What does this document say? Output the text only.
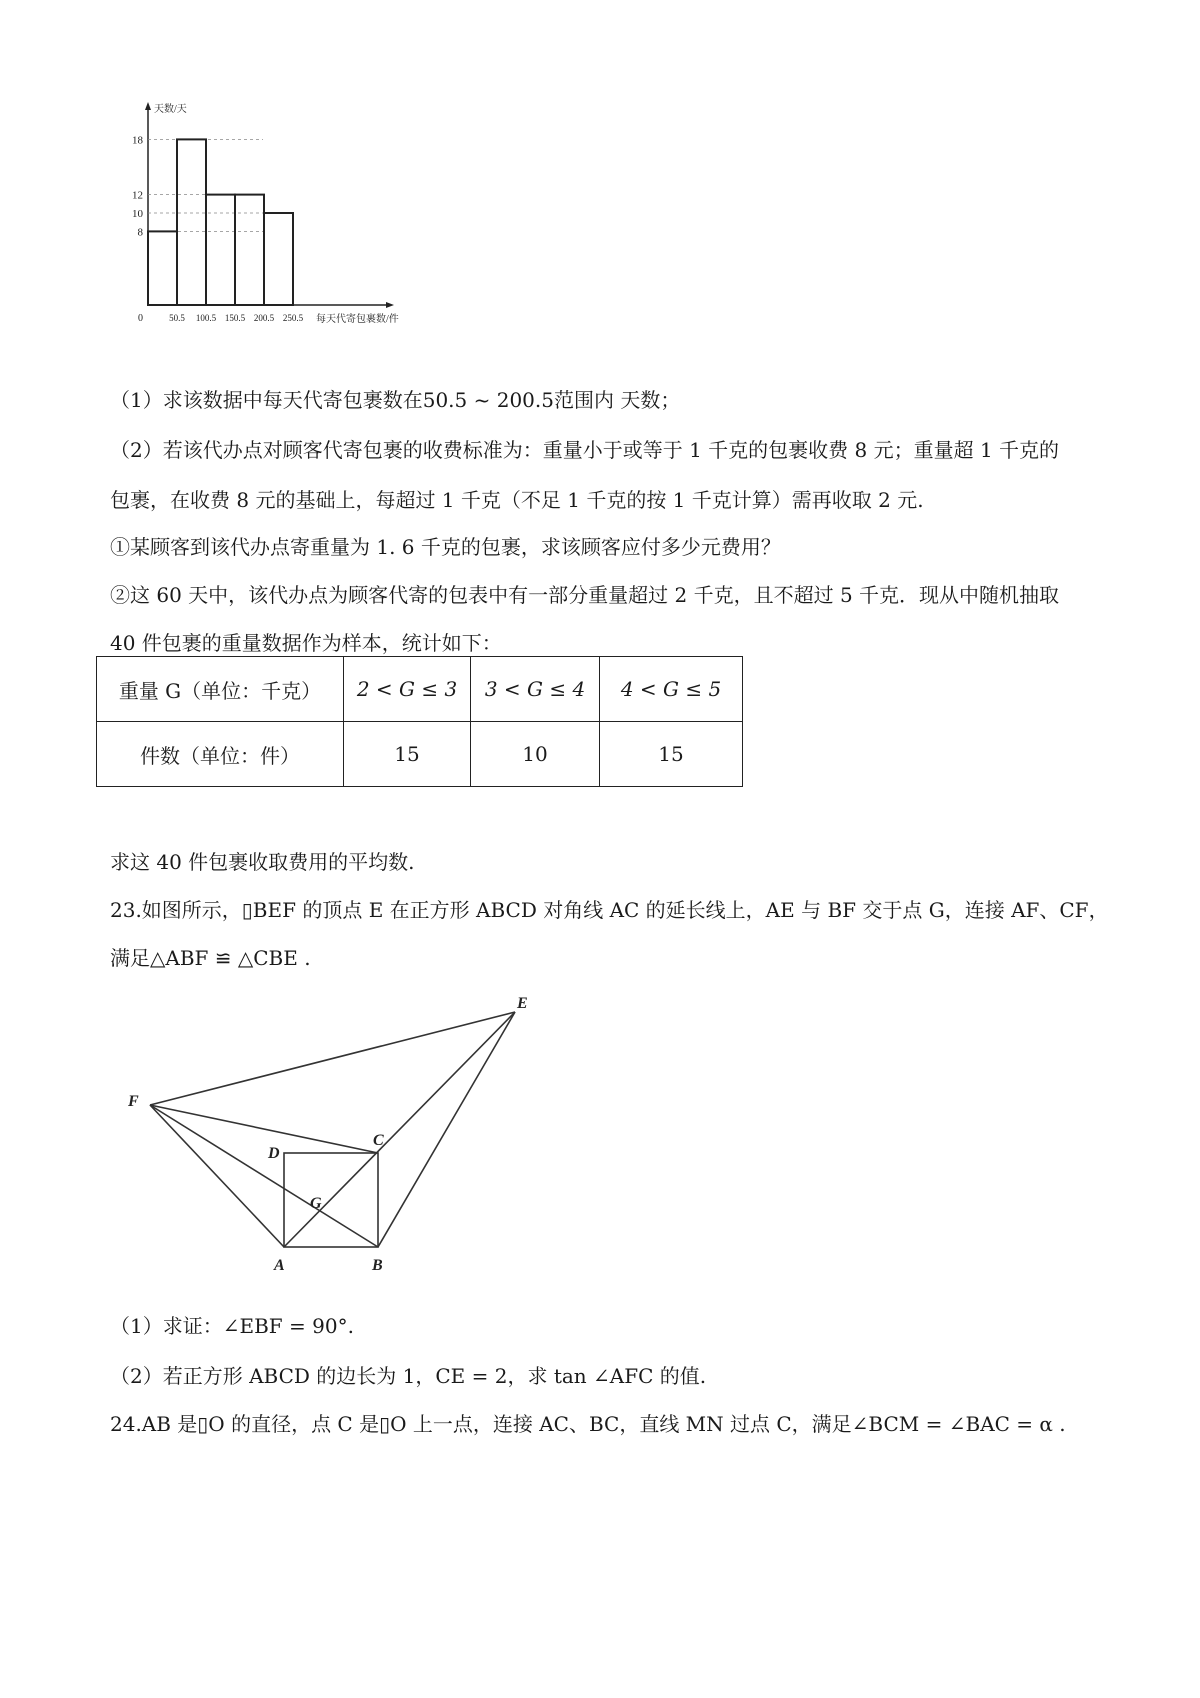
18
12
10
8
50.5 100.5 150.5 200.5 250.5
0	每天代寄包裹数/件
天数/天
（1）求该数据中每天代寄包裹数在50.5 ~ 200.5范围内 天数；
（2）若该代办点对顾客代寄包裹的收费标准为：重量小于或等于 1 千克的包裹收费 8 元；重量超 1 千克的
包裹，在收费 8 元的基础上，每超过 1 千克（不足 1 千克的按 1 千克计算）需再收取 2 元.
①某顾客到该代办点寄重量为 1. 6 千克的包裹，求该顾客应付多少元费用？
②这 60 天中，该代办点为顾客代寄的包表中有一部分重量超过 2 千克，且不超过 5 千克．现从中随机抽取
40 件包裹的重量数据作为样本，统计如下：
重量 G（单位：千克）	2 < G ≤ 3	3 < G ≤ 4	4 < G ≤ 5
件数（单位：件）	15	10	15
求这 40 件包裹收取费用的平均数.
23.如图所示，▯BEF 的顶点 E 在正方形 ABCD 对角线 AC 的延长线上，AE 与 BF 交于点 G，连接 AF、CF，
满足△ABF ≌ △CBE .
E
F
C
D
G
A	B
（1）求证：∠EBF = 90°.
（2）若正方形 ABCD 的边长为 1，CE = 2，求 tan ∠AFC 的值.
24.AB 是▯O 的直径，点 C 是▯O 上一点，连接 AC、BC，直线 MN 过点 C，满足∠BCM = ∠BAC = α .
